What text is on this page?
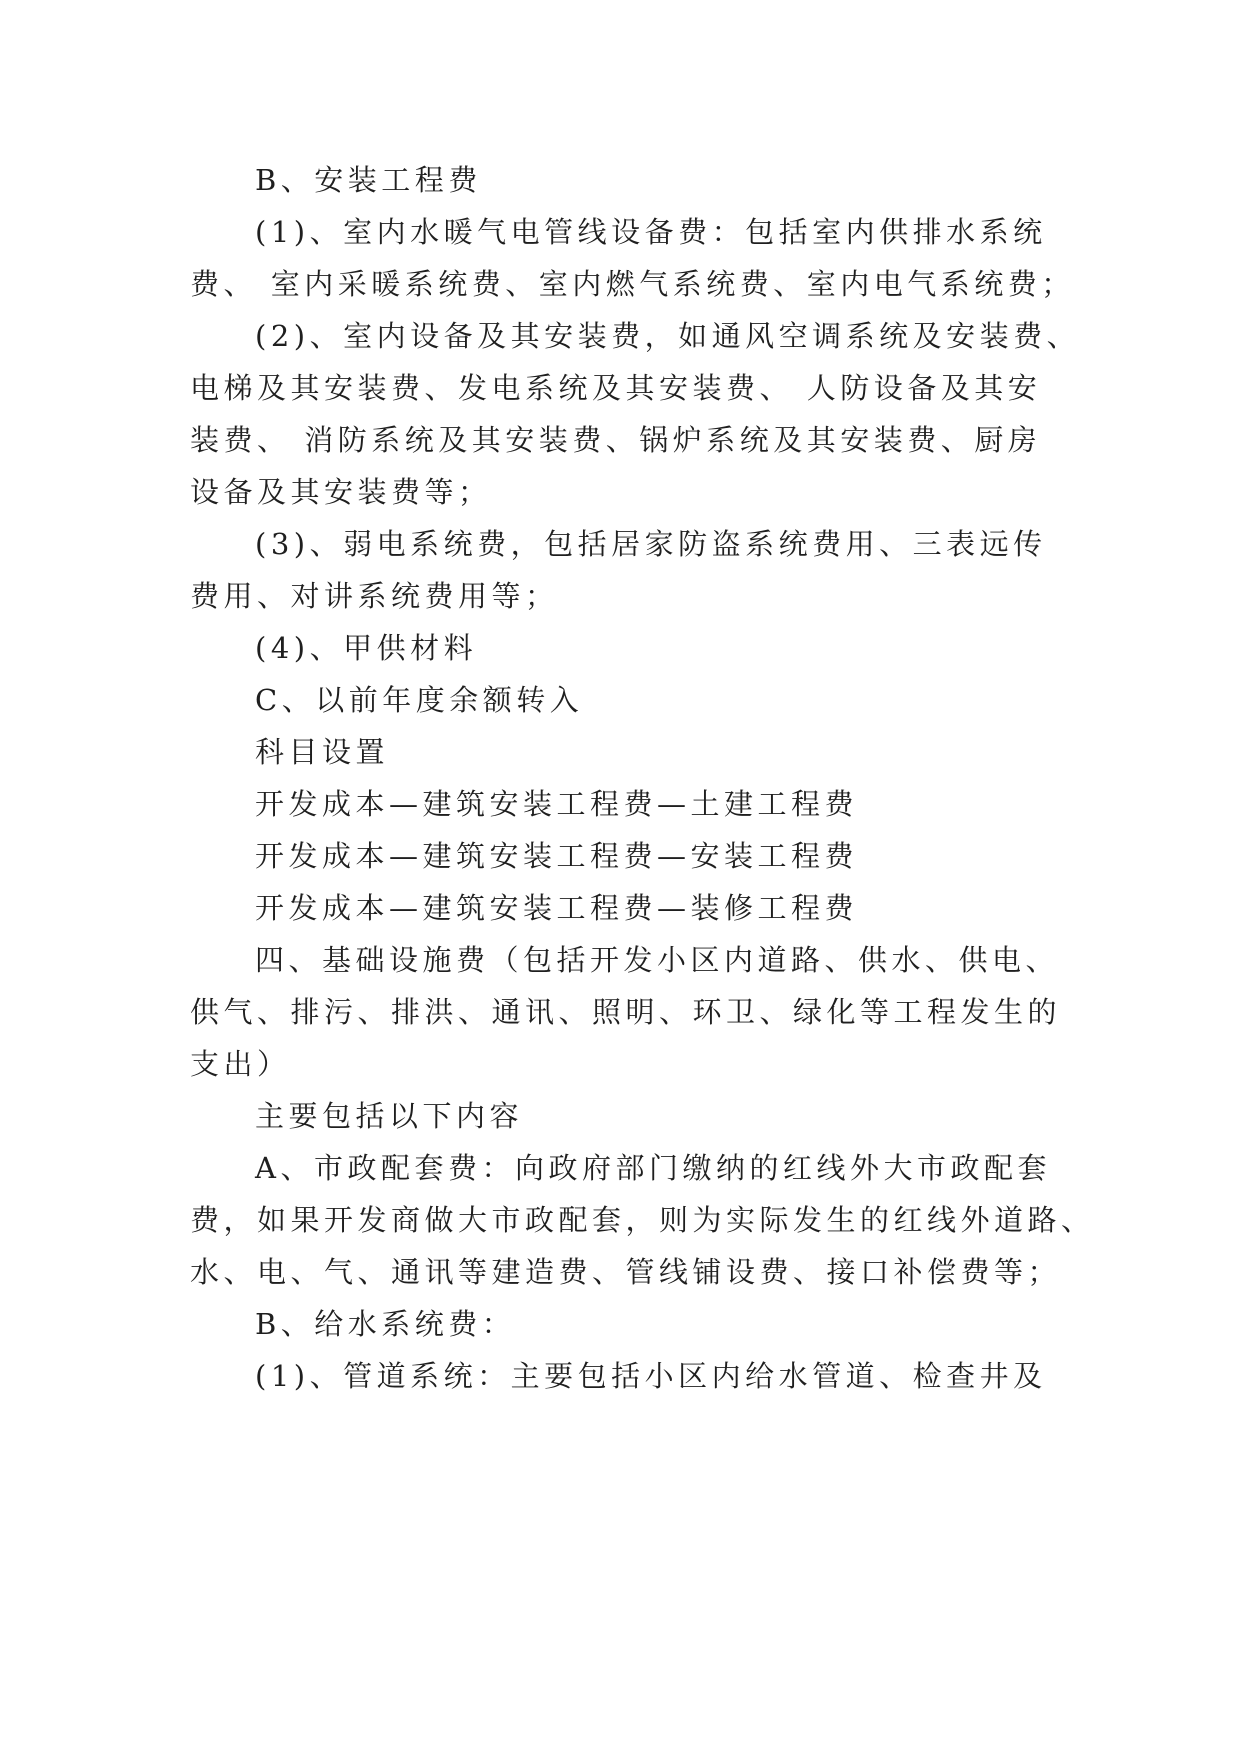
B、安装工程费

(1)、室内水暖气电管线设备费：包括室内供排水系统

费、 室内采暖系统费、室内燃气系统费、室内电气系统费；

(2)、室内设备及其安装费，如通风空调系统及安装费、

电梯及其安装费、发电系统及其安装费、 人防设备及其安

装费、 消防系统及其安装费、锅炉系统及其安装费、厨房

设备及其安装费等；

(3)、弱电系统费，包括居家防盗系统费用、三表远传

费用、对讲系统费用等；

(4)、甲供材料

C、以前年度余额转入

科目设置

开发成本—建筑安装工程费—土建工程费

开发成本—建筑安装工程费—安装工程费

开发成本—建筑安装工程费—装修工程费

四、基础设施费（包括开发小区内道路、供水、供电、

供气、排污、排洪、通讯、照明、环卫、绿化等工程发生的

支出）

主要包括以下内容

A、市政配套费：向政府部门缴纳的红线外大市政配套

费，如果开发商做大市政配套，则为实际发生的红线外道路、

水、电、气、通讯等建造费、管线铺设费、接口补偿费等；

B、给水系统费：

(1)、管道系统：主要包括小区内给水管道、检查井及
